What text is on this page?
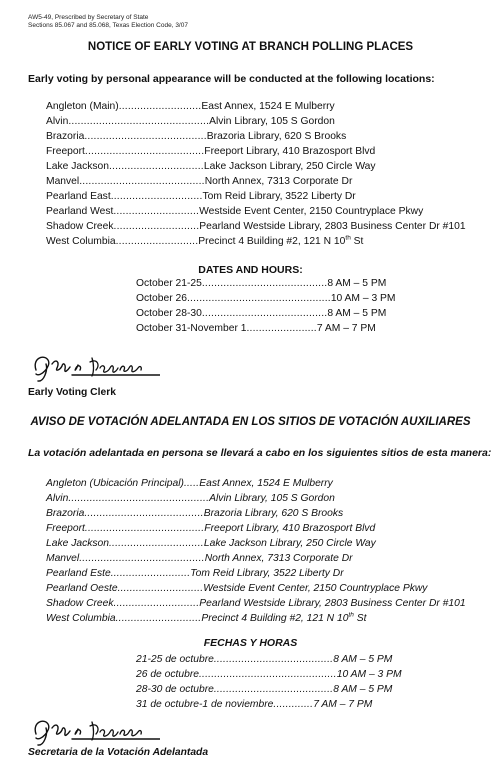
AW5-49, Prescribed by Secretary of State
Sections 85.067 and 85.068, Texas Election Code, 3/07
NOTICE OF EARLY VOTING AT BRANCH POLLING PLACES
Early voting by personal appearance will be conducted at the following locations:
Angleton (Main) ........................... East Annex, 1524 E Mulberry
Alvin .............................................. Alvin Library, 105 S Gordon
Brazoria ........................................ Brazoria Library, 620 S Brooks
Freeport ....................................... Freeport Library, 410 Brazosport Blvd
Lake Jackson ............................... Lake Jackson Library, 250 Circle Way
Manvel ......................................... North Annex, 7313 Corporate Dr
Pearland East .............................. Tom Reid Library, 3522 Liberty Dr
Pearland West ............................ Westside Event Center, 2150 Countryplace Pkwy
Shadow Creek ............................ Pearland Westside Library, 2803 Business Center Dr #101
West Columbia ........................... Precinct 4 Building #2, 121 N 10th St
DATES AND HOURS:
October 21-25 ......................................... 8 AM – 5 PM
October 26 ............................................... 10 AM – 3 PM
October 28-30 ......................................... 8 AM – 5 PM
October 31-November 1 ....................... 7 AM – 7 PM
Early Voting Clerk
AVISO DE VOTACIÓN ADELANTADA EN LOS SITIOS DE VOTACIÓN AUXILIARES
La votación adelantada en persona se llevará a cabo en los siguientes sitios de esta manera:
Angleton (Ubicación Principal) ..... East Annex, 1524 E Mulberry
Alvin .............................................. Alvin Library, 105 S Gordon
Brazoria ....................................... Brazoria Library, 620 S Brooks
Freeport ....................................... Freeport Library, 410 Brazosport Blvd
Lake Jackson ............................... Lake Jackson Library, 250 Circle Way
Manvel ......................................... North Annex, 7313 Corporate Dr
Pearland Este .......................... Tom Reid Library, 3522 Liberty Dr
Pearland Oeste ............................ Westside Event Center, 2150 Countryplace Pkwy
Shadow Creek ............................ Pearland Westside Library, 2803 Business Center Dr #101
West Columbia ............................ Precinct 4 Building #2, 121 N 10th St
FECHAS Y HORAS
21-25 de octubre ....................................... 8 AM – 5 PM
26 de octubre ............................................. 10 AM – 3 PM
28-30 de octubre ....................................... 8 AM – 5 PM
31 de octubre-1 de noviembre ............. 7 AM – 7 PM
Secretaria de la Votación Adelantada
